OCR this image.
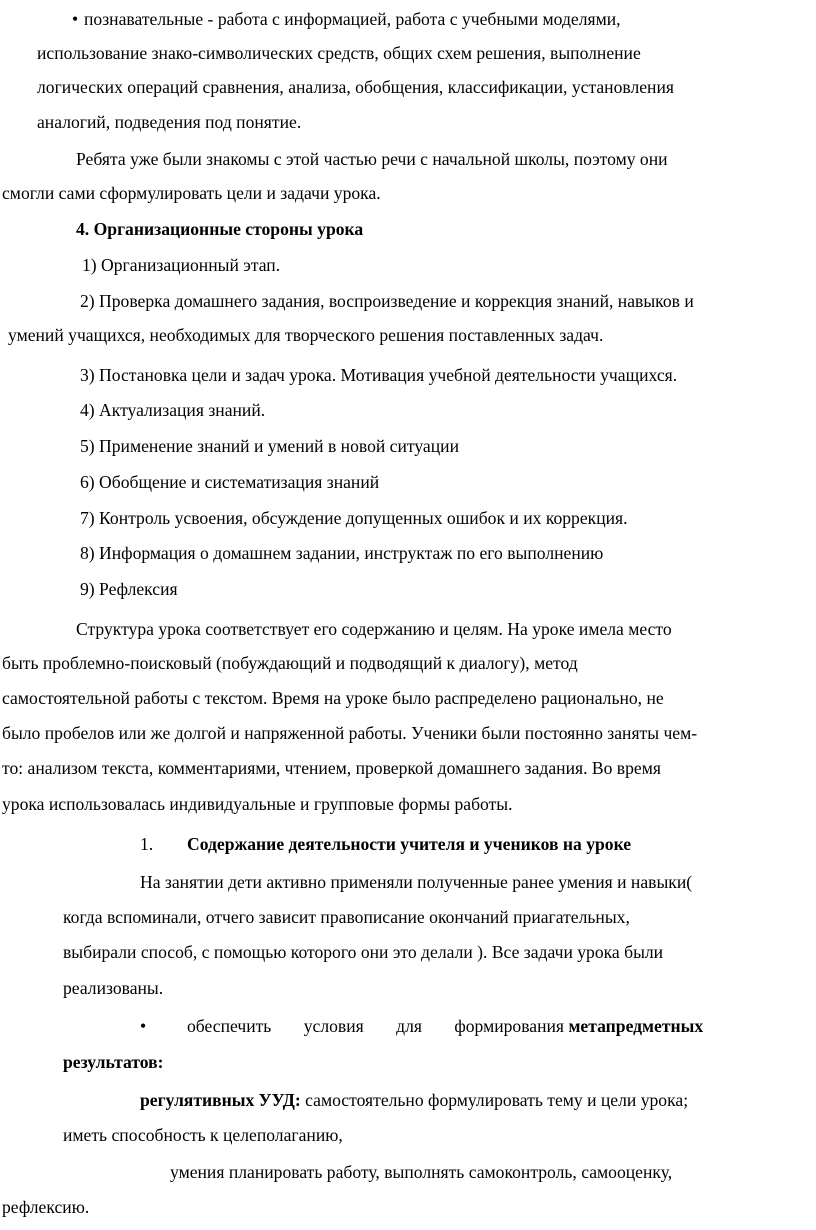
• познавательные - работа с информацией, работа с учебными моделями,
использование знако-символических средств, общих схем решения, выполнение
логических операций сравнения, анализа, обобщения, классификации, установления
аналогий, подведения под понятие.
Ребята уже были знакомы с этой частью речи с начальной школы, поэтому они
смогли сами сформулировать цели и задачи урока.
4. Организационные стороны урока
1) Организационный этап.
2) Проверка домашнего задания, воспроизведение и коррекция знаний, навыков и
умений учащихся, необходимых для творческого решения поставленных задач.
3) Постановка цели и задач урока. Мотивация учебной деятельности учащихся.
4) Актуализация знаний.
5) Применение знаний и умений в новой ситуации
6) Обобщение и систематизация знаний
7) Контроль усвоения, обсуждение допущенных ошибок и их коррекция.
8) Информация о домашнем задании, инструктаж по его выполнению
9) Рефлексия
Структура урока соответствует его содержанию и целям. На уроке имела место
быть проблемно-поисковый (побуждающий и подводящий к диалогу), метод
самостоятельной работы с текстом. Время на уроке было распределено рационально, не
было пробелов или же долгой и напряженной работы. Ученики были постоянно заняты чем-
то: анализом текста, комментариями, чтением, проверкой домашнего задания. Во время
урока использовалась индивидуальные и групповые формы работы.
1. Содержание деятельности учителя и учеников на уроке
На занятии дети активно применяли полученные ранее умения и навыки(
когда вспоминали, отчего зависит правописание окончаний приагательных,
выбирали способ, с помощью которого они это делали ). Все задачи урока были
реализованы.
• обеспечить условия для формирования метапредметных
результатов:
регулятивных УУД: самостоятельно формулировать тему и цели урока;
иметь способность к целеполаганию,
умения планировать работу, выполнять самоконтроль, самооценку,
рефлексию.
